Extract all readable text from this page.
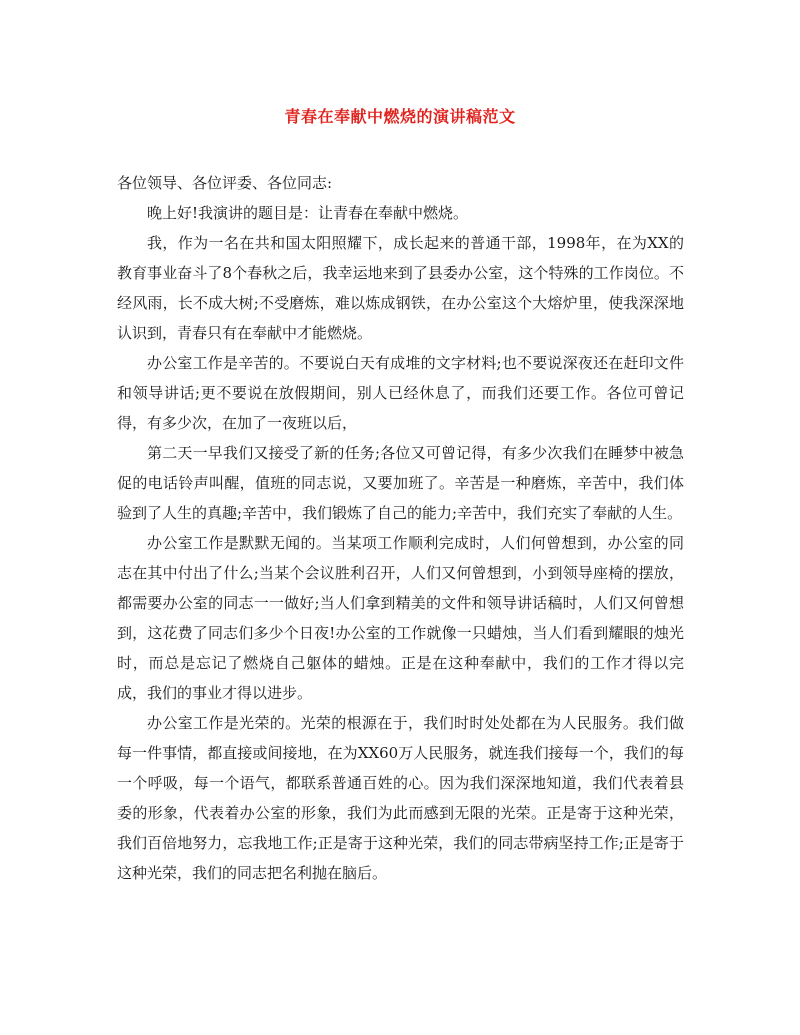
青春在奉献中燃烧的演讲稿范文

各位领导、各位评委、各位同志:

晚上好!我演讲的题目是：让青春在奉献中燃烧。

我，作为一名在共和国太阳照耀下，成长起来的普通干部，1998年，在为XX的教育事业奋斗了8个春秋之后，我幸运地来到了县委办公室，这个特殊的工作岗位。不经风雨，长不成大树;不受磨炼，难以炼成钢铁，在办公室这个大熔炉里，使我深深地认识到，青春只有在奉献中才能燃烧。

办公室工作是辛苦的。不要说白天有成堆的文字材料;也不要说深夜还在赶印文件和领导讲话;更不要说在放假期间，别人已经休息了，而我们还要工作。各位可曾记得，有多少次，在加了一夜班以后，

第二天一早我们又接受了新的任务;各位又可曾记得，有多少次我们在睡梦中被急促的电话铃声叫醒，值班的同志说，又要加班了。辛苦是一种磨炼，辛苦中，我们体验到了人生的真趣;辛苦中，我们锻炼了自己的能力;辛苦中，我们充实了奉献的人生。

办公室工作是默默无闻的。当某项工作顺利完成时，人们何曾想到，办公室的同志在其中付出了什么;当某个会议胜利召开，人们又何曾想到，小到领导座椅的摆放，都需要办公室的同志一一做好;当人们拿到精美的文件和领导讲话稿时，人们又何曾想到，这花费了同志们多少个日夜!办公室的工作就像一只蜡烛，当人们看到耀眼的烛光时，而总是忘记了燃烧自己躯体的蜡烛。正是在这种奉献中，我们的工作才得以完成，我们的事业才得以进步。

办公室工作是光荣的。光荣的根源在于，我们时时处处都在为人民服务。我们做每一件事情，都直接或间接地，在为XX60万人民服务，就连我们接每一个，我们的每一个呼吸，每一个语气，都联系普通百姓的心。因为我们深深地知道，我们代表着县委的形象，代表着办公室的形象，我们为此而感到无限的光荣。正是寄于这种光荣，我们百倍地努力，忘我地工作;正是寄于这种光荣，我们的同志带病坚持工作;正是寄于这种光荣，我们的同志把名利抛在脑后。
